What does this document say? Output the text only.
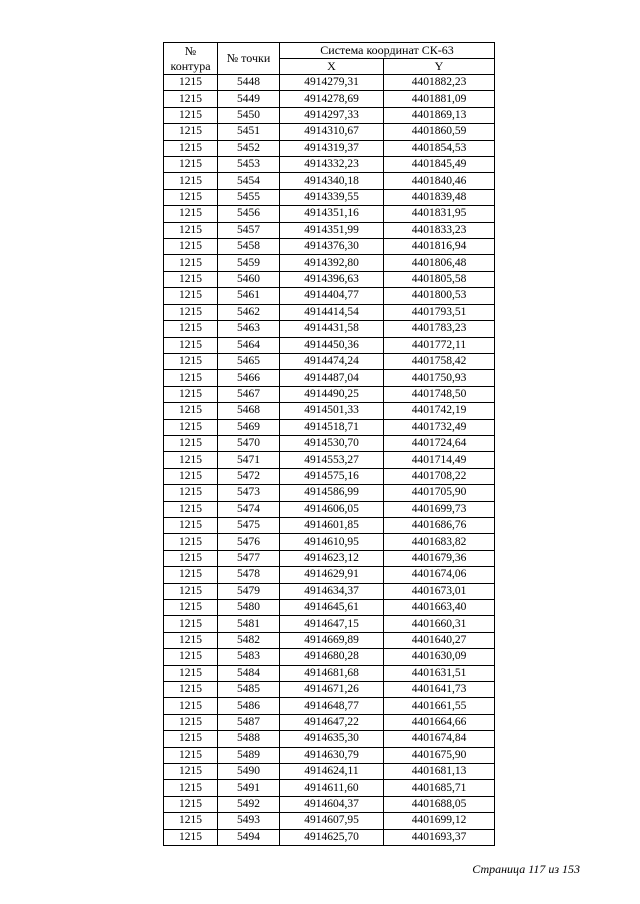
№ контура	№ точки	Система координат СК-63	
		X	Y
1215	5448	4914279,31	4401882,23
1215	5449	4914278,69	4401881,09
1215	5450	4914297,33	4401869,13
1215	5451	4914310,67	4401860,59
1215	5452	4914319,37	4401854,53
1215	5453	4914332,23	4401845,49
1215	5454	4914340,18	4401840,46
1215	5455	4914339,55	4401839,48
1215	5456	4914351,16	4401831,95
1215	5457	4914351,99	4401833,23
1215	5458	4914376,30	4401816,94
1215	5459	4914392,80	4401806,48
1215	5460	4914396,63	4401805,58
1215	5461	4914404,77	4401800,53
1215	5462	4914414,54	4401793,51
1215	5463	4914431,58	4401783,23
1215	5464	4914450,36	4401772,11
1215	5465	4914474,24	4401758,42
1215	5466	4914487,04	4401750,93
1215	5467	4914490,25	4401748,50
1215	5468	4914501,33	4401742,19
1215	5469	4914518,71	4401732,49
1215	5470	4914530,70	4401724,64
1215	5471	4914553,27	4401714,49
1215	5472	4914575,16	4401708,22
1215	5473	4914586,99	4401705,90
1215	5474	4914606,05	4401699,73
1215	5475	4914601,85	4401686,76
1215	5476	4914610,95	4401683,82
1215	5477	4914623,12	4401679,36
1215	5478	4914629,91	4401674,06
1215	5479	4914634,37	4401673,01
1215	5480	4914645,61	4401663,40
1215	5481	4914647,15	4401660,31
1215	5482	4914669,89	4401640,27
1215	5483	4914680,28	4401630,09
1215	5484	4914681,68	4401631,51
1215	5485	4914671,26	4401641,73
1215	5486	4914648,77	4401661,55
1215	5487	4914647,22	4401664,66
1215	5488	4914635,30	4401674,84
1215	5489	4914630,79	4401675,90
1215	5490	4914624,11	4401681,13
1215	5491	4914611,60	4401685,71
1215	5492	4914604,37	4401688,05
1215	5493	4914607,95	4401699,12
1215	5494	4914625,70	4401693,37
Страница 117 из 153
